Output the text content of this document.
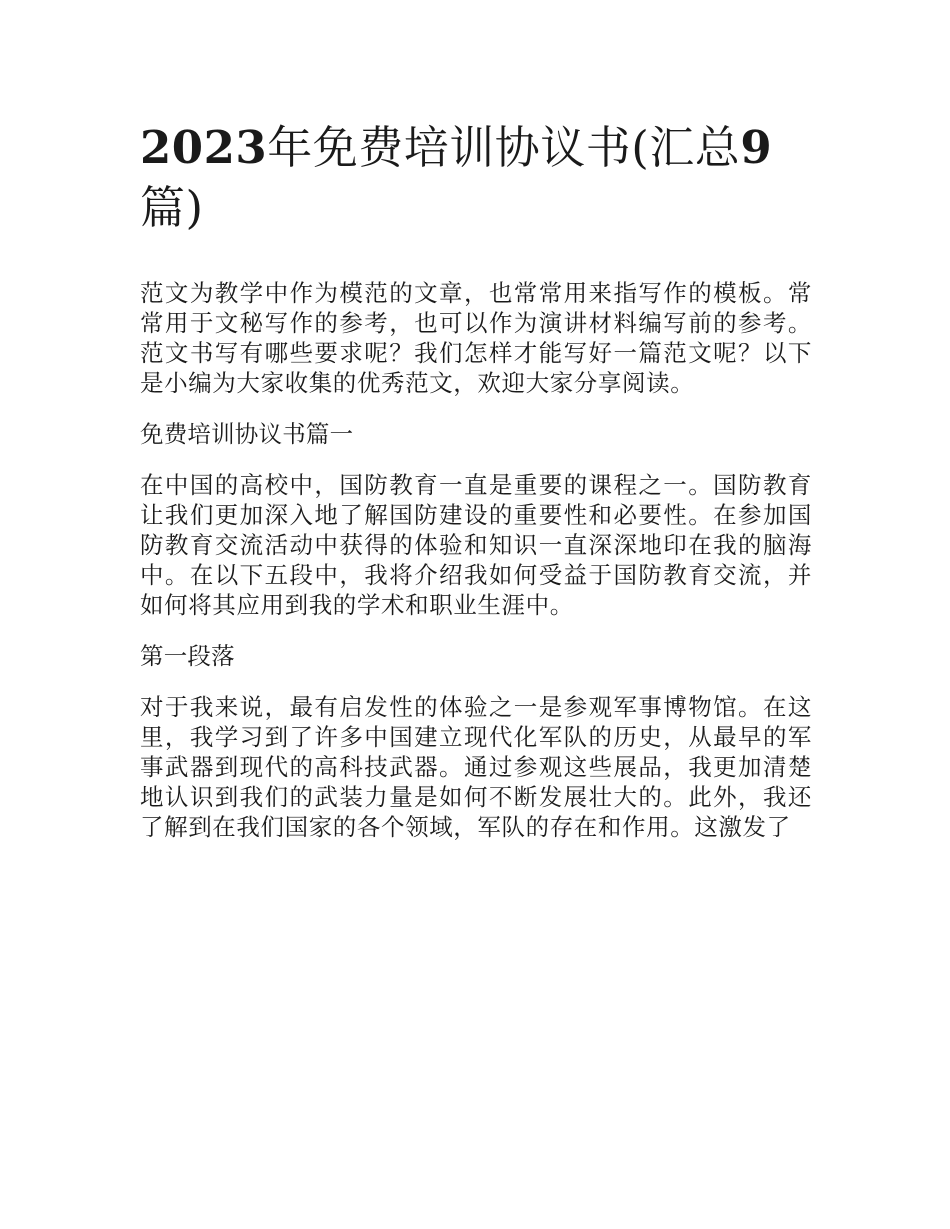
2023年免费培训协议书(汇总9
篇)

范文为教学中作为模范的文章，也常常用来指写作的模板。常常用于文秘写作的参考，也可以作为演讲材料编写前的参考。范文书写有哪些要求呢？我们怎样才能写好一篇范文呢？以下是小编为大家收集的优秀范文，欢迎大家分享阅读。

免费培训协议书篇一

在中国的高校中，国防教育一直是重要的课程之一。国防教育让我们更加深入地了解国防建设的重要性和必要性。在参加国防教育交流活动中获得的体验和知识一直深深地印在我的脑海中。在以下五段中，我将介绍我如何受益于国防教育交流，并如何将其应用到我的学术和职业生涯中。

第一段落

对于我来说，最有启发性的体验之一是参观军事博物馆。在这里，我学习到了许多中国建立现代化军队的历史，从最早的军事武器到现代的高科技武器。通过参观这些展品，我更加清楚地认识到我们的武装力量是如何不断发展壮大的。此外，我还了解到在我们国家的各个领域，军队的存在和作用。这激发了
